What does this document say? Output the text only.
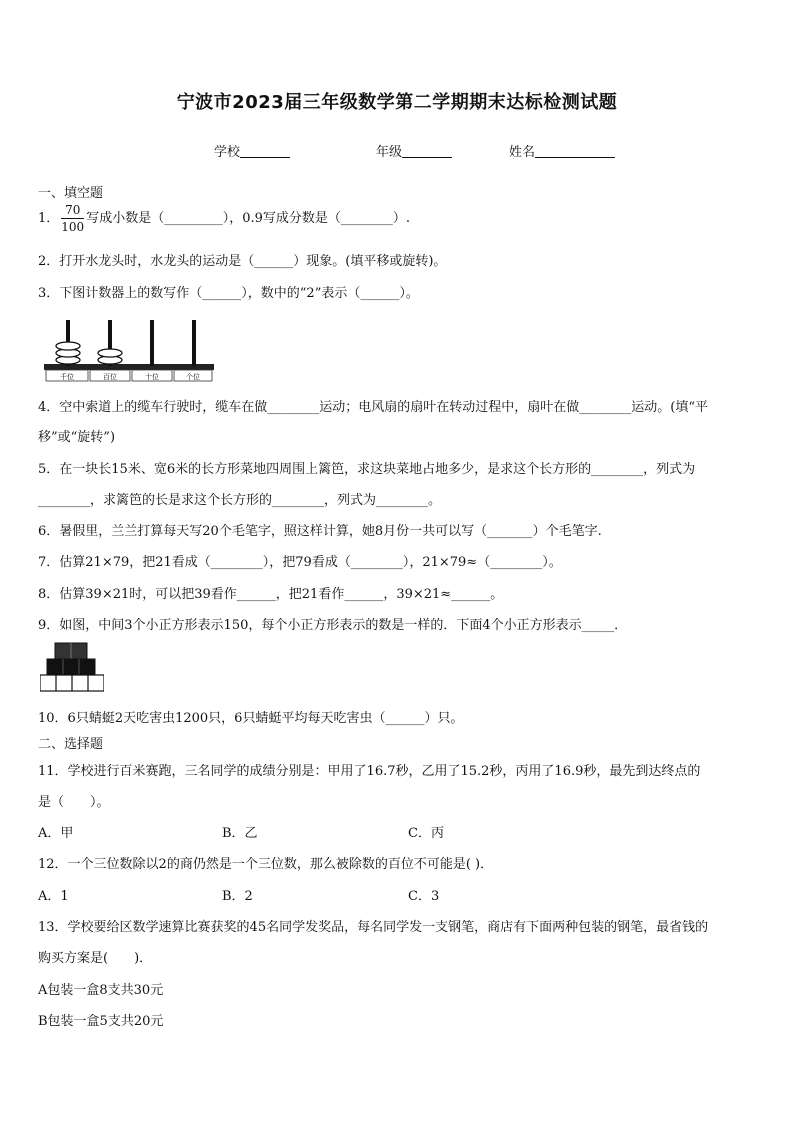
宁波市2023届三年级数学第二学期期末达标检测试题
学校	年级	姓名
一、填空题
1． $\frac{70}{100}$ 写成小数是（_________），0.9写成分数是（________）.
2．打开水龙头时，水龙头的运动是（______）现象。(填平移或旋转)。
3．下图计数器上的数写作（______），数中的“2”表示（______）。
千位	百位	十位	个位
4．空中索道上的缆车行驶时，缆车在做________运动；电风扇的扇叶在转动过程中，扇叶在做________运动。(填“平
移”或“旋转”)
5．在一块长15米、宽6米的长方形菜地四周围上篱笆，求这块菜地占地多少，是求这个长方形的________，列式为
________，求篱笆的长是求这个长方形的________，列式为________。
6．暑假里，兰兰打算每天写20个毛笔字，照这样计算，她8月份一共可以写（_______）个毛笔字.
7．估算21×79，把21看成（________），把79看成（________），21×79≈（________）。
8．估算39×21时，可以把39看作______，把21看作______，39×21≈______。
9．如图，中间3个小正方形表示150，每个小正方形表示的数是一样的．下面4个小正方形表示_____．
10．6只蜻蜓2天吃害虫1200只，6只蜻蜓平均每天吃害虫（______）只。
二、选择题
11．学校进行百米赛跑，三名同学的成绩分别是：甲用了16.7秒，乙用了15.2秒，丙用了16.9秒，最先到达终点的
是（　　）。
A．甲	B．乙	C．丙
12．一个三位数除以2的商仍然是一个三位数，那么被除数的百位不可能是( )．
A．1	B．2	C．3
13．学校要给区数学速算比赛获奖的45名同学发奖品，每名同学发一支钢笔，商店有下面两种包装的钢笔，最省钱的
购买方案是(　　)．
A包装一盒8支共30元
B包装一盒5支共20元
